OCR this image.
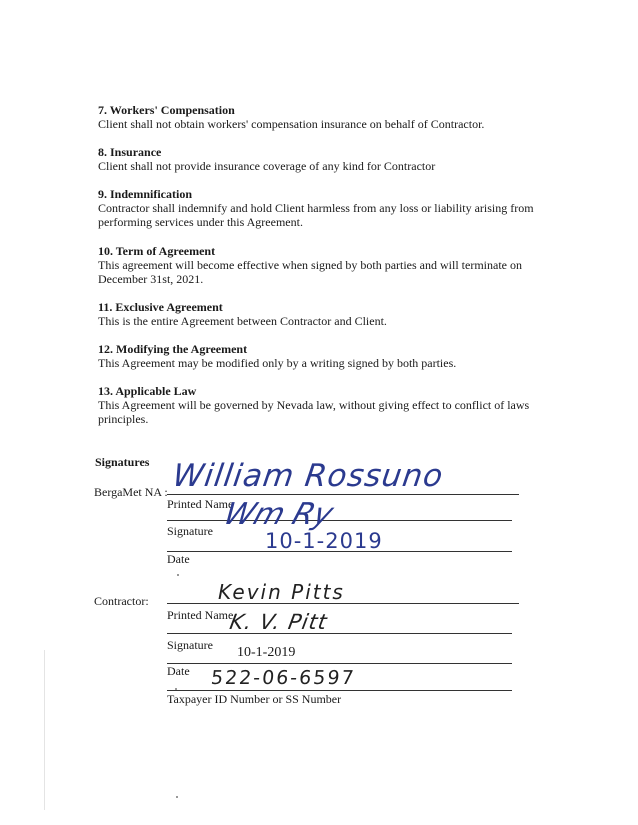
7. Workers' Compensation

Client shall not obtain workers' compensation insurance on behalf of Contractor.

8. Insurance

Client shall not provide insurance coverage of any kind for Contractor

9. Indemnification

Contractor shall indemnify and hold Client harmless from any loss or liability arising from performing services under this Agreement.

10. Term of Agreement

This agreement will become effective when signed by both parties and will terminate on December 31st, 2021.

11. Exclusive Agreement

This is the entire Agreement between Contractor and Client.

12. Modifying the Agreement

This Agreement may be modified only by a writing signed by both parties.

13. Applicable Law

This Agreement will be governed by Nevada law, without giving effect to conflict of laws principles.

Signatures
BergaMet NA :
Printed Name
Signature
Date
William Rossuno
Wm Ry
10-1-2019
Contractor:
Printed Name
Signature
Date
Taxpayer ID Number or SS Number
Kevin Pitts
K. V. Pitt
10-1-2019
522-06-6597
